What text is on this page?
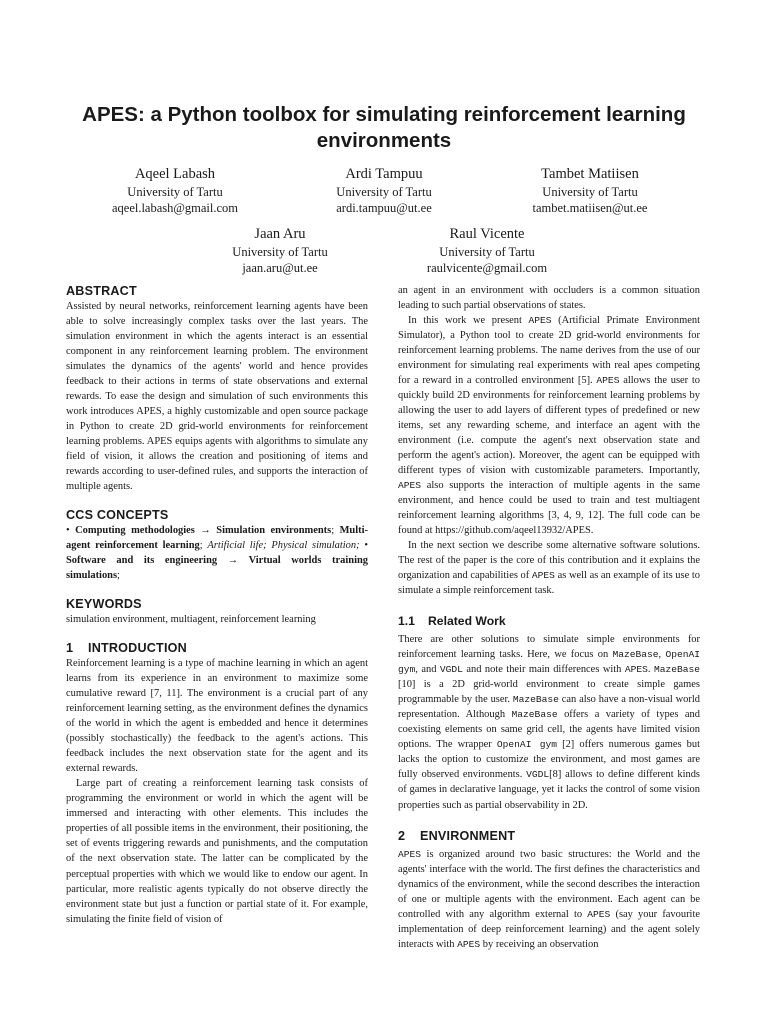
APES: a Python toolbox for simulating reinforcement learning environments
Aqeel Labash
University of Tartu
aqeel.labash@gmail.com
Ardi Tampuu
University of Tartu
ardi.tampuu@ut.ee
Tambet Matiisen
University of Tartu
tambet.matiisen@ut.ee
Jaan Aru
University of Tartu
jaan.aru@ut.ee
Raul Vicente
University of Tartu
raulvicente@gmail.com
ABSTRACT

Assisted by neural networks, reinforcement learning agents have been able to solve increasingly complex tasks over the last years. The simulation environment in which the agents interact is an essential component in any reinforcement learning problem. The environment simulates the dynamics of the agents' world and hence provides feedback to their actions in terms of state observations and external rewards. To ease the design and simulation of such environments this work introduces APES, a highly customizable and open source package in Python to create 2D grid-world environments for reinforcement learning problems. APES equips agents with algorithms to simulate any field of vision, it allows the creation and positioning of items and rewards according to user-defined rules, and supports the interaction of multiple agents.

CCS CONCEPTS

• Computing methodologies → Simulation environments; Multi-agent reinforcement learning; Artificial life; Physical simulation; • Software and its engineering → Virtual worlds training simulations;

KEYWORDS

simulation environment, multiagent, reinforcement learning

1 INTRODUCTION

Reinforcement learning is a type of machine learning in which an agent learns from its experience in an environment to maximize some cumulative reward [7, 11]. The environment is a crucial part of any reinforcement learning setting, as the environment defines the dynamics of the world in which the agent is embedded and hence it determines (possibly stochastically) the feedback to the agent's actions. This feedback includes the next observation state for the agent and its external rewards.

Large part of creating a reinforcement learning task consists of programming the environment or world in which the agent will be immersed and interacting with other elements. This includes the properties of all possible items in the environment, their positioning, the set of events triggering rewards and punishments, and the computation of the next observation state. The latter can be complicated by the perceptual properties with which we would like to endow our agent. In particular, more realistic agents typically do not observe directly the environment state but just a function or partial state of it. For example, simulating the finite field of vision of

an agent in an environment with occluders is a common situation leading to such partial observations of states.

In this work we present APES (Artificial Primate Environment Simulator), a Python tool to create 2D grid-world environments for reinforcement learning problems. The name derives from the use of our environment for simulating real experiments with real apes competing for a reward in a controlled environment [5]. APES allows the user to quickly build 2D environments for reinforcement learning problems by allowing the user to add layers of different types of predefined or new items, set any rewarding scheme, and interface an agent with the environment (i.e. compute the agent's next observation state and perform the agent's action). Moreover, the agent can be equipped with different types of vision with customizable parameters. Importantly, APES also supports the interaction of multiple agents in the same environment, and hence could be used to train and test multiagent reinforcement learning algorithms [3, 4, 9, 12]. The full code can be found at https://github.com/aqeel13932/APES.

In the next section we describe some alternative software solutions. The rest of the paper is the core of this contribution and it explains the organization and capabilities of APES as well as an example of its use to simulate a simple reinforcement task.

1.1 Related Work

There are other solutions to simulate simple environments for reinforcement learning tasks. Here, we focus on MazeBase, OpenAI gym, and VGDL and note their main differences with APES. MazeBase [10] is a 2D grid-world environment to create simple games programmable by the user. MazeBase can also have a non-visual world representation. Although MazeBase offers a variety of types and coexisting elements on same grid cell, the agents have limited vision options. The wrapper OpenAI gym [2] offers numerous games but lacks the option to customize the environment, and most games are fully observed environments. VGDL[8] allows to define different kinds of games in declarative language, yet it lacks the control of some vision properties such as partial observability in 2D.

2 ENVIRONMENT

APES is organized around two basic structures: the World and the agents' interface with the world. The first defines the characteristics and dynamics of the environment, while the second describes the interaction of one or multiple agents with the environment. Each agent can be controlled with any algorithm external to APES (say your favourite implementation of deep reinforcement learning) and the agent solely interacts with APES by receiving an observation
